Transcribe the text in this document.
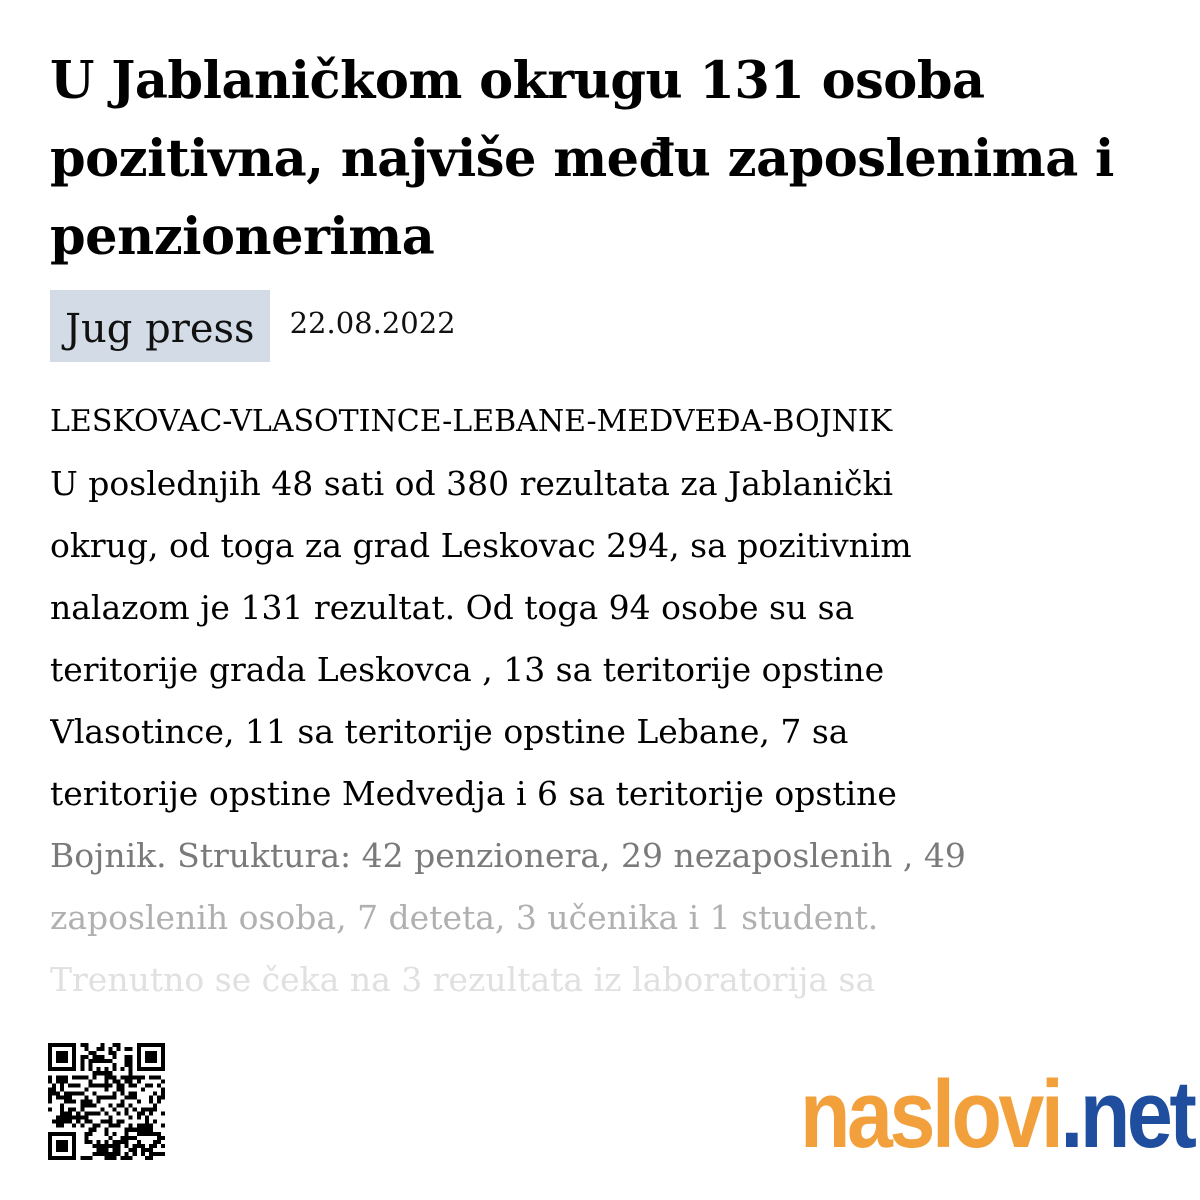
U Jablaničkom okrugu 131 osoba pozitivna, najviše među zaposlenima i penzionerima
Jug press	22.08.2022
LESKOVAC-VLASOTINCE-LEBANE-MEDVEĐA-BOJNIK
U poslednjih 48 sati od 380 rezultata za Jablanički
okrug, od toga za grad Leskovac 294, sa pozitivnim
nalazom je 131 rezultat. Od toga 94 osobe su sa
teritorije grada Leskovca , 13 sa teritorije opstine
Vlasotince, 11 sa teritorije opstine Lebane, 7 sa
teritorije opstine Medvedja i 6 sa teritorije opstine
Bojnik. Struktura: 42 penzionera, 29 nezaposlenih , 49
zaposlenih osoba, 7 deteta, 3 učenika i 1 student.
Trenutno se čeka na 3 rezultata iz laboratorija sa
naslovi.net
